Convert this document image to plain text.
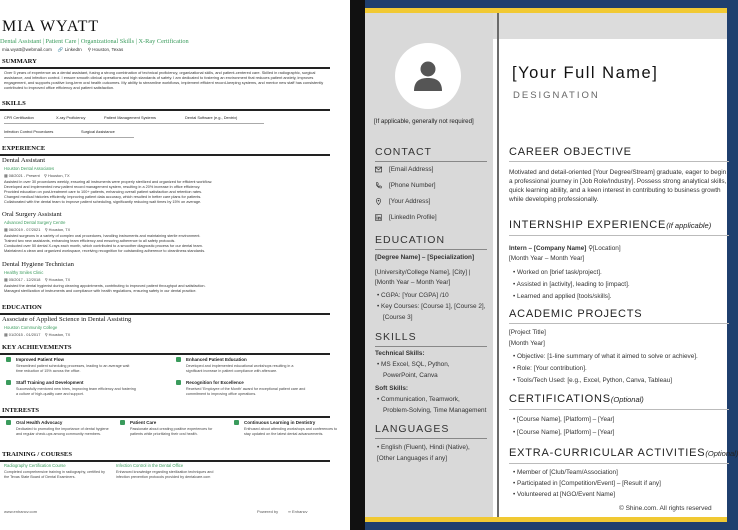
MIA WYATT
Dental Assistant | Patient Care | Organizational Skills | X-Ray Certification
mia.wyatt@webmail.com 🔗 LinkedIn ⚲ Houston, Texas
SUMMARY
Over 5 years of experience as a dental assistant, fusing a strong combination of technical proficiency, organizational skills, and patient-centered care. Skilled in radiographic, surgical assistance, and infection control. I ensure smooth clinical operations and high standards of safety. I am dedicated to fostering an environment that reduces patient anxiety, improves engagement, and supports positive long-term oral health outcomes. My ability to streamline workflows, implement efficient record-keeping systems, and mentor new staff has consistently contributed to improved office efficiency and patient satisfaction.
SKILLS
CPR Certification	X-ray Proficiency	Patient Management Systems	Dental Software (e.g., Dentrix)
Infection Control Procedures	Surgical Assistance
EXPERIENCE
Dental Assistant
Houston Dental Associates
▦ 08/2021 - Present ⚲ Houston, TX
Assisted in over 30 procedures weekly, ensuring all instruments were properly sterilized and organized for efficient workflow.
Developed and implemented new patient record management system, resulting in a 20% increase in office efficiency.
Provided education on post-treatment care to 100+ patients, enhancing overall patient satisfaction and retention rates.
Changed medical histories efficiently, improving patient data accuracy, which resulted in better care plans for patients.
Collaborated with the dental team to improve patient scheduling, significantly reducing wait times by 15% on average.
Oral Surgery Assistant
Advanced Dental Surgery Centre
▦ 06/2019 - 07/2021 ⚲ Houston, TX
Assisted surgeons in a variety of complex oral procedures, handling instruments and maintaining sterile environment.
Trained two new assistants, enhancing team efficiency and ensuring adherence to all safety protocols.
Conducted over 50 dental X-rays each month, which contributed to a smoother diagnostic process for our dental team.
Maintained a clean and organized workspace, receiving recognition for outstanding adherence to cleanliness standards.
Dental Hygiene Technician
Healthy Smiles Clinic
▦ 05/2017 - 12/2018 ⚲ Houston, TX
Assisted the dental hygienist during cleaning appointments, contributing to improved patient throughput and satisfaction.
Managed sterilization of instruments and compliance with health regulations, ensuring safety in our dental practice.
EDUCATION
Associate of Applied Science in Dental Assisting
Houston Community College
▦ 01/2015 - 01/2017 ⚲ Houston, TX
KEY ACHIEVEMENTS
Improved Patient Flow
Streamlined patient scheduling processes, leading to an average wait time reduction of 15% across the office.
Enhanced Patient Education
Developed and implemented educational workshops resulting in a significant increase in patient compliance with aftercare.
Staff Training and Development
Successfully mentored new hires, improving team efficiency and fostering a culture of high-quality care and support.
Recognition for Excellence
Received 'Employee of the Month' award for exceptional patient care and commitment to improving office operations.
INTERESTS
Oral Health Advocacy
Dedicated to promoting the importance of dental hygiene and regular check-ups among community members.
Patient Care
Passionate about creating positive experiences for patients while prioritizing their oral health.
Continuous Learning in Dentistry
Enthused about attending workshops and conferences to stay updated on the latest dental advancements.
TRAINING / COURSES
Radiography Certification Course
Completed comprehensive training in radiography, certified by the Texas State Board of Dental Examiners.
Infection Control in the Dental Office
Enhanced knowledge regarding sterilization techniques and infection prevention protocols provided by dentalcare.com
www.enhancv.com	Powered by ∞ Enhancv
[If applicable, generally not required]
CONTACT
[Email Address]
[Phone Number]
[Your Address]
[LinkedIn Profile]
EDUCATION
[Degree Name] – [Specialization]
[University/College Name], [City] |
[Month Year – Month Year]
• CGPA: [Your CGPA] /10
• Key Courses: [Course 1], [Course 2],
[Course 3]
SKILLS
Technical Skills:
• MS Excel, SQL, Python,
PowerPoint, Canva
Soft Skills:
• Communication, Teamwork,
Problem-Solving, Time Management
LANGUAGES
• English (Fluent), Hindi (Native),
[Other Languages if any]
[Your Full Name]
DESIGNATION
CAREER OBJECTIVE
Motivated and detail-oriented [Your Degree/Stream] graduate, eager to begin a professional journey in [Job Role/Industry]. Possess strong analytical skills, quick learning ability, and a keen interest in contributing to business growth while developing professionally.
INTERNSHIP EXPERIENCE(If applicable)
Intern – [Company Name] ⚲[Location]
[Month Year – Month Year]
• Worked on [brief task/project].
• Assisted in [activity], leading to [impact].
• Learned and applied [tools/skills].
ACADEMIC PROJECTS
[Project Title]
[Month Year]
• Objective: [1-line summary of what it aimed to solve or achieve].
• Role: [Your contribution].
• Tools/Tech Used: [e.g., Excel, Python, Canva, Tableau]
CERTIFICATIONS(Optional)
• [Course Name], [Platform] – [Year]
• [Course Name], [Platform] – [Year]
EXTRA-CURRICULAR ACTIVITIES(Optional)
• Member of [Club/Team/Association]
• Participated in [Competition/Event] – [Result if any]
• Volunteered at [NGO/Event Name]
© Shine.com. All rights reserved
